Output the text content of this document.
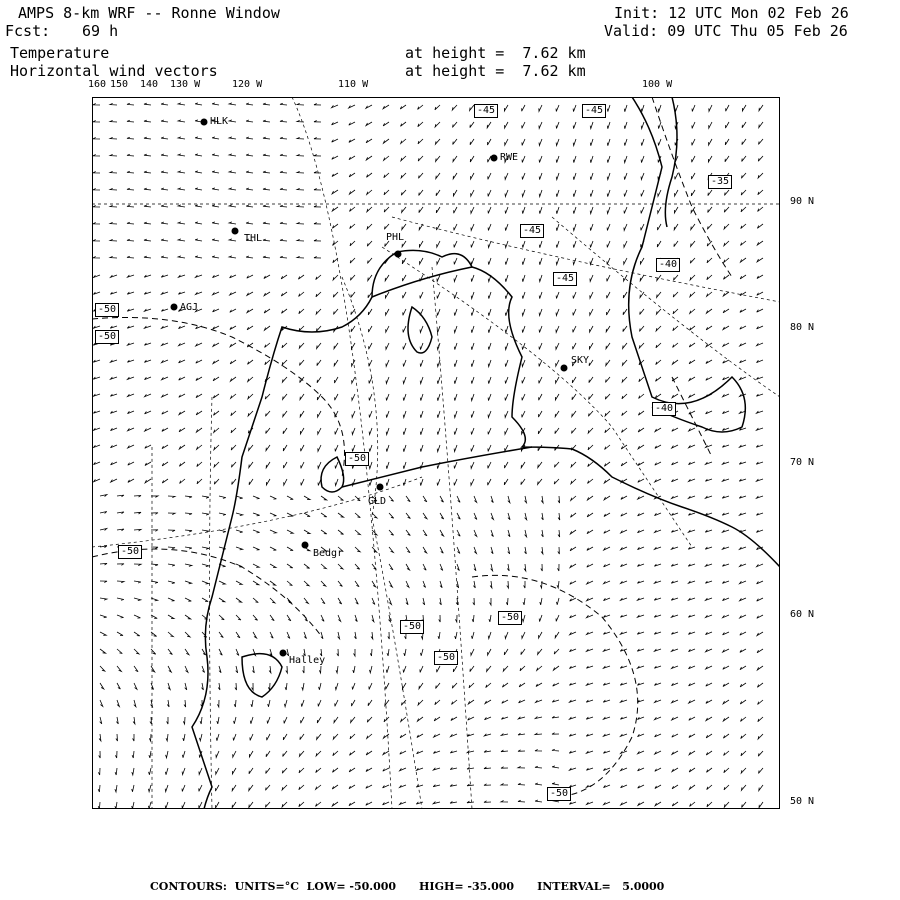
AMPS 8-km WRF -- Ronne Window
Fcst: 69 h
Temperature
Horizontal wind vectors
at height =  7.62 km
at height =  7.62 km
Init: 12 UTC Mon 02 Feb 26
Valid: 09 UTC Thu 05 Feb 26
160 150 140 130 W	120 W	110 W	100 W
90 N
80 N
70 N
60 N
50 N
HLK
RWE
THL	PHL
AGJ
SKY
GLD
Bedgr
Halley
-45	-45
-45
-45
-35
-40
-50
-50
-40
-50
-50
-50
-50
-50
-50
CONTOURS: UNITS=°C LOW= -50.000 HIGH= -35.000 INTERVAL=   5.0000
